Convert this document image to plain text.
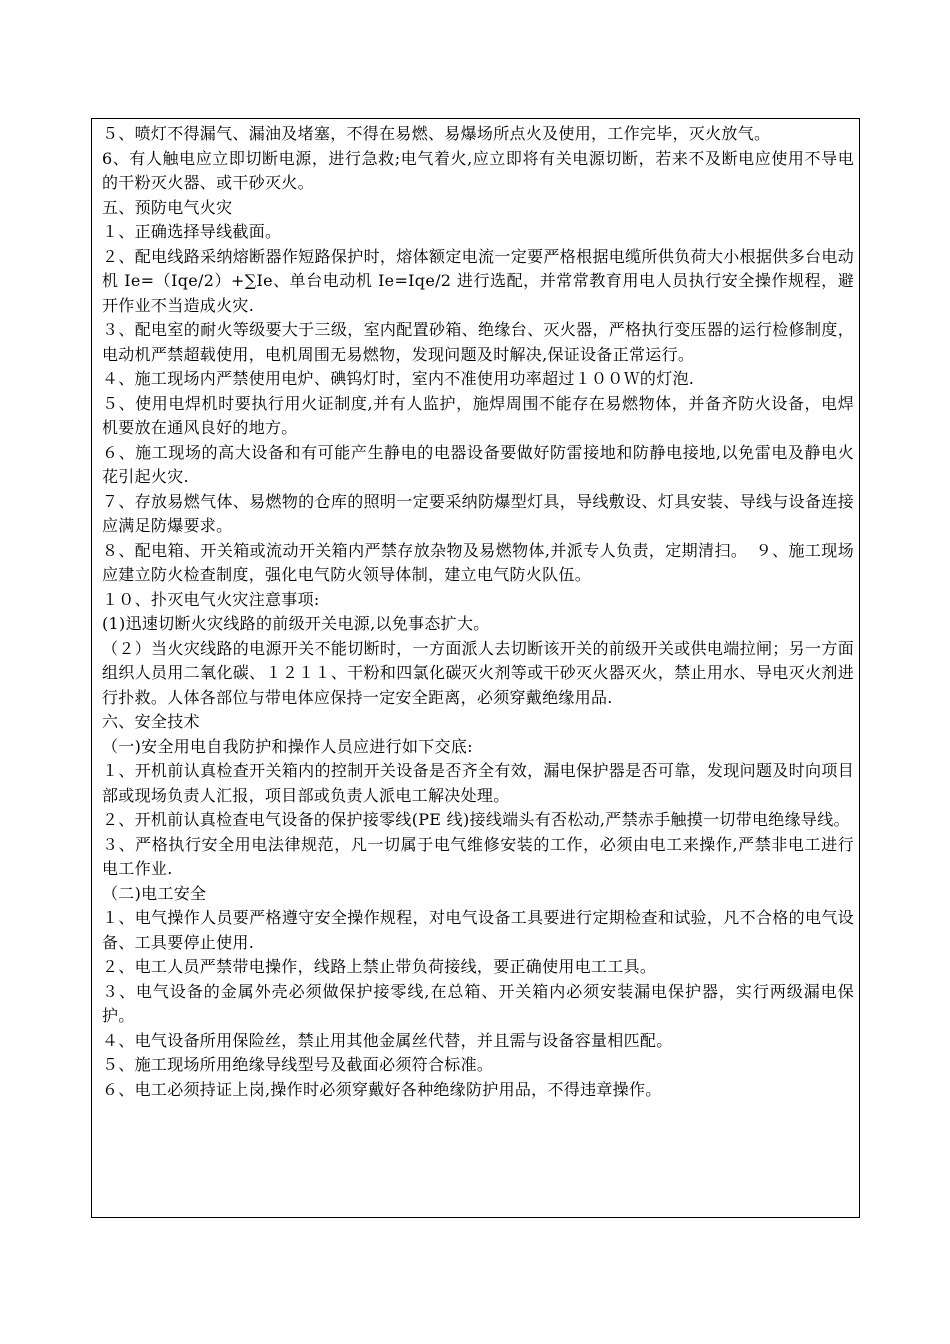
５、喷灯不得漏气、漏油及堵塞，不得在易燃、易爆场所点火及使用，工作完毕，灭火放气。

6、有人触电应立即切断电源，进行急救;电气着火,应立即将有关电源切断，若来不及断电应使用不导电的干粉灭火器、或干砂灭火。

五、预防电气火灾

１、正确选择导线截面。

２、配电线路采纳熔断器作短路保护时，熔体额定电流一定要严格根据电缆所供负荷大小根据供多台电动机 Ie=（Iqe/2）+∑Ie、单台电动机 Ie=Iqe/2 进行选配，并常常教育用电人员执行安全操作规程，避开作业不当造成火灾.

３、配电室的耐火等级要大于三级，室内配置砂箱、绝缘台、灭火器，严格执行变压器的运行检修制度，电动机严禁超载使用，电机周围无易燃物，发现问题及时解决,保证设备正常运行。

４、施工现场内严禁使用电炉、碘钨灯时，室内不准使用功率超过１００Ｗ的灯泡.

５、使用电焊机时要执行用火证制度,并有人监护，施焊周围不能存在易燃物体，并备齐防火设备，电焊机要放在通风良好的地方。

６、施工现场的高大设备和有可能产生静电的电器设备要做好防雷接地和防静电接地,以免雷电及静电火花引起火灾.

７、存放易燃气体、易燃物的仓库的照明一定要采纳防爆型灯具，导线敷设、灯具安装、导线与设备连接应满足防爆要求。

８、配电箱、开关箱或流动开关箱内严禁存放杂物及易燃物体,并派专人负责，定期清扫。　９、施工现场应建立防火检查制度，强化电气防火领导体制，建立电气防火队伍。

１０、扑灭电气火灾注意事项:

(1)迅速切断火灾线路的前级开关电源,以免事态扩大。

（２）当火灾线路的电源开关不能切断时，一方面派人去切断该开关的前级开关或供电端拉闸；另一方面组织人员用二氧化碳、１２１１、干粉和四氯化碳灭火剂等或干砂灭火器灭火，禁止用水、导电灭火剂进行扑救。人体各部位与带电体应保持一定安全距离，必须穿戴绝缘用品.

六、安全技术

（一)安全用电自我防护和操作人员应进行如下交底:

１、开机前认真检查开关箱内的控制开关设备是否齐全有效，漏电保护器是否可靠，发现问题及时向项目部或现场负责人汇报，项目部或负责人派电工解决处理。

２、开机前认真检查电气设备的保护接零线(PE 线)接线端头有否松动,严禁赤手触摸一切带电绝缘导线。

３、严格执行安全用电法律规范，凡一切属于电气维修安装的工作，必须由电工来操作,严禁非电工进行电工作业.

（二)电工安全

１、电气操作人员要严格遵守安全操作规程，对电气设备工具要进行定期检查和试验，凡不合格的电气设备、工具要停止使用.

２、电工人员严禁带电操作，线路上禁止带负荷接线，要正确使用电工工具。

３、电气设备的金属外壳必须做保护接零线,在总箱、开关箱内必须安装漏电保护器，实行两级漏电保护。

４、电气设备所用保险丝，禁止用其他金属丝代替，并且需与设备容量相匹配。

５、施工现场所用绝缘导线型号及截面必须符合标准。

６、电工必须持证上岗,操作时必须穿戴好各种绝缘防护用品，不得违章操作。
